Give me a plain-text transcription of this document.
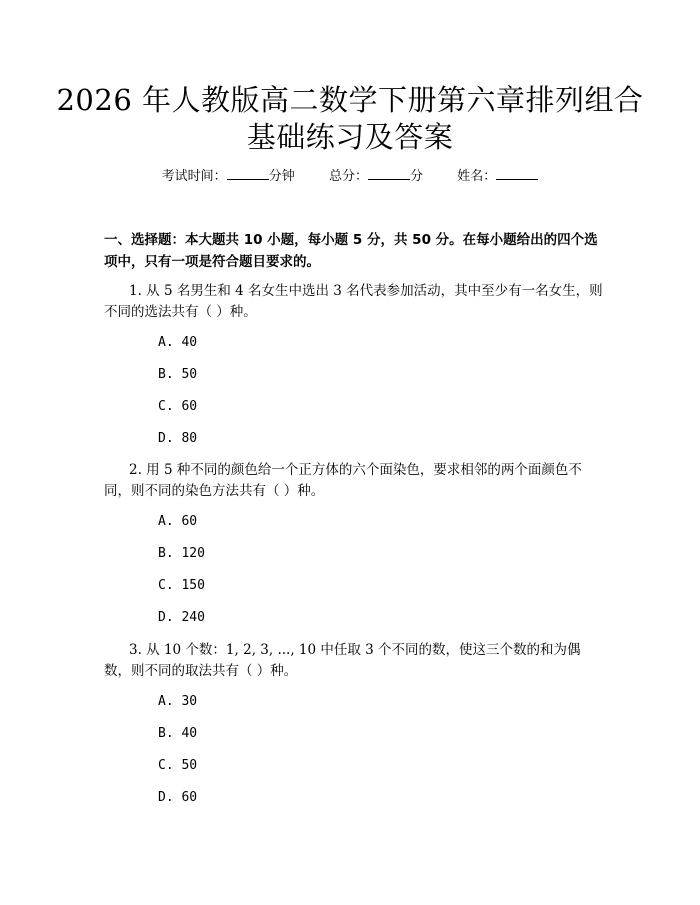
2026 年人教版高二数学下册第六章排列组合
基础练习及答案
考试时间：	分钟	总分：	分	姓名：
一、选择题：本大题共 10 小题，每小题 5 分，共 50 分。在每小题给出的四个选项中，只有一项是符合题目要求的。
1. 从 5 名男生和 4 名女生中选出 3 名代表参加活动，其中至少有一名女生，则不同的选法共有（ ）种。
A. 40
B. 50
C. 60
D. 80
2. 用 5 种不同的颜色给一个正方体的六个面染色，要求相邻的两个面颜色不同，则不同的染色方法共有（ ）种。
A. 60
B. 120
C. 150
D. 240
3. 从 10 个数：1, 2, 3, ..., 10 中任取 3 个不同的数，使这三个数的和为偶数，则不同的取法共有（ ）种。
A. 30
B. 40
C. 50
D. 60
